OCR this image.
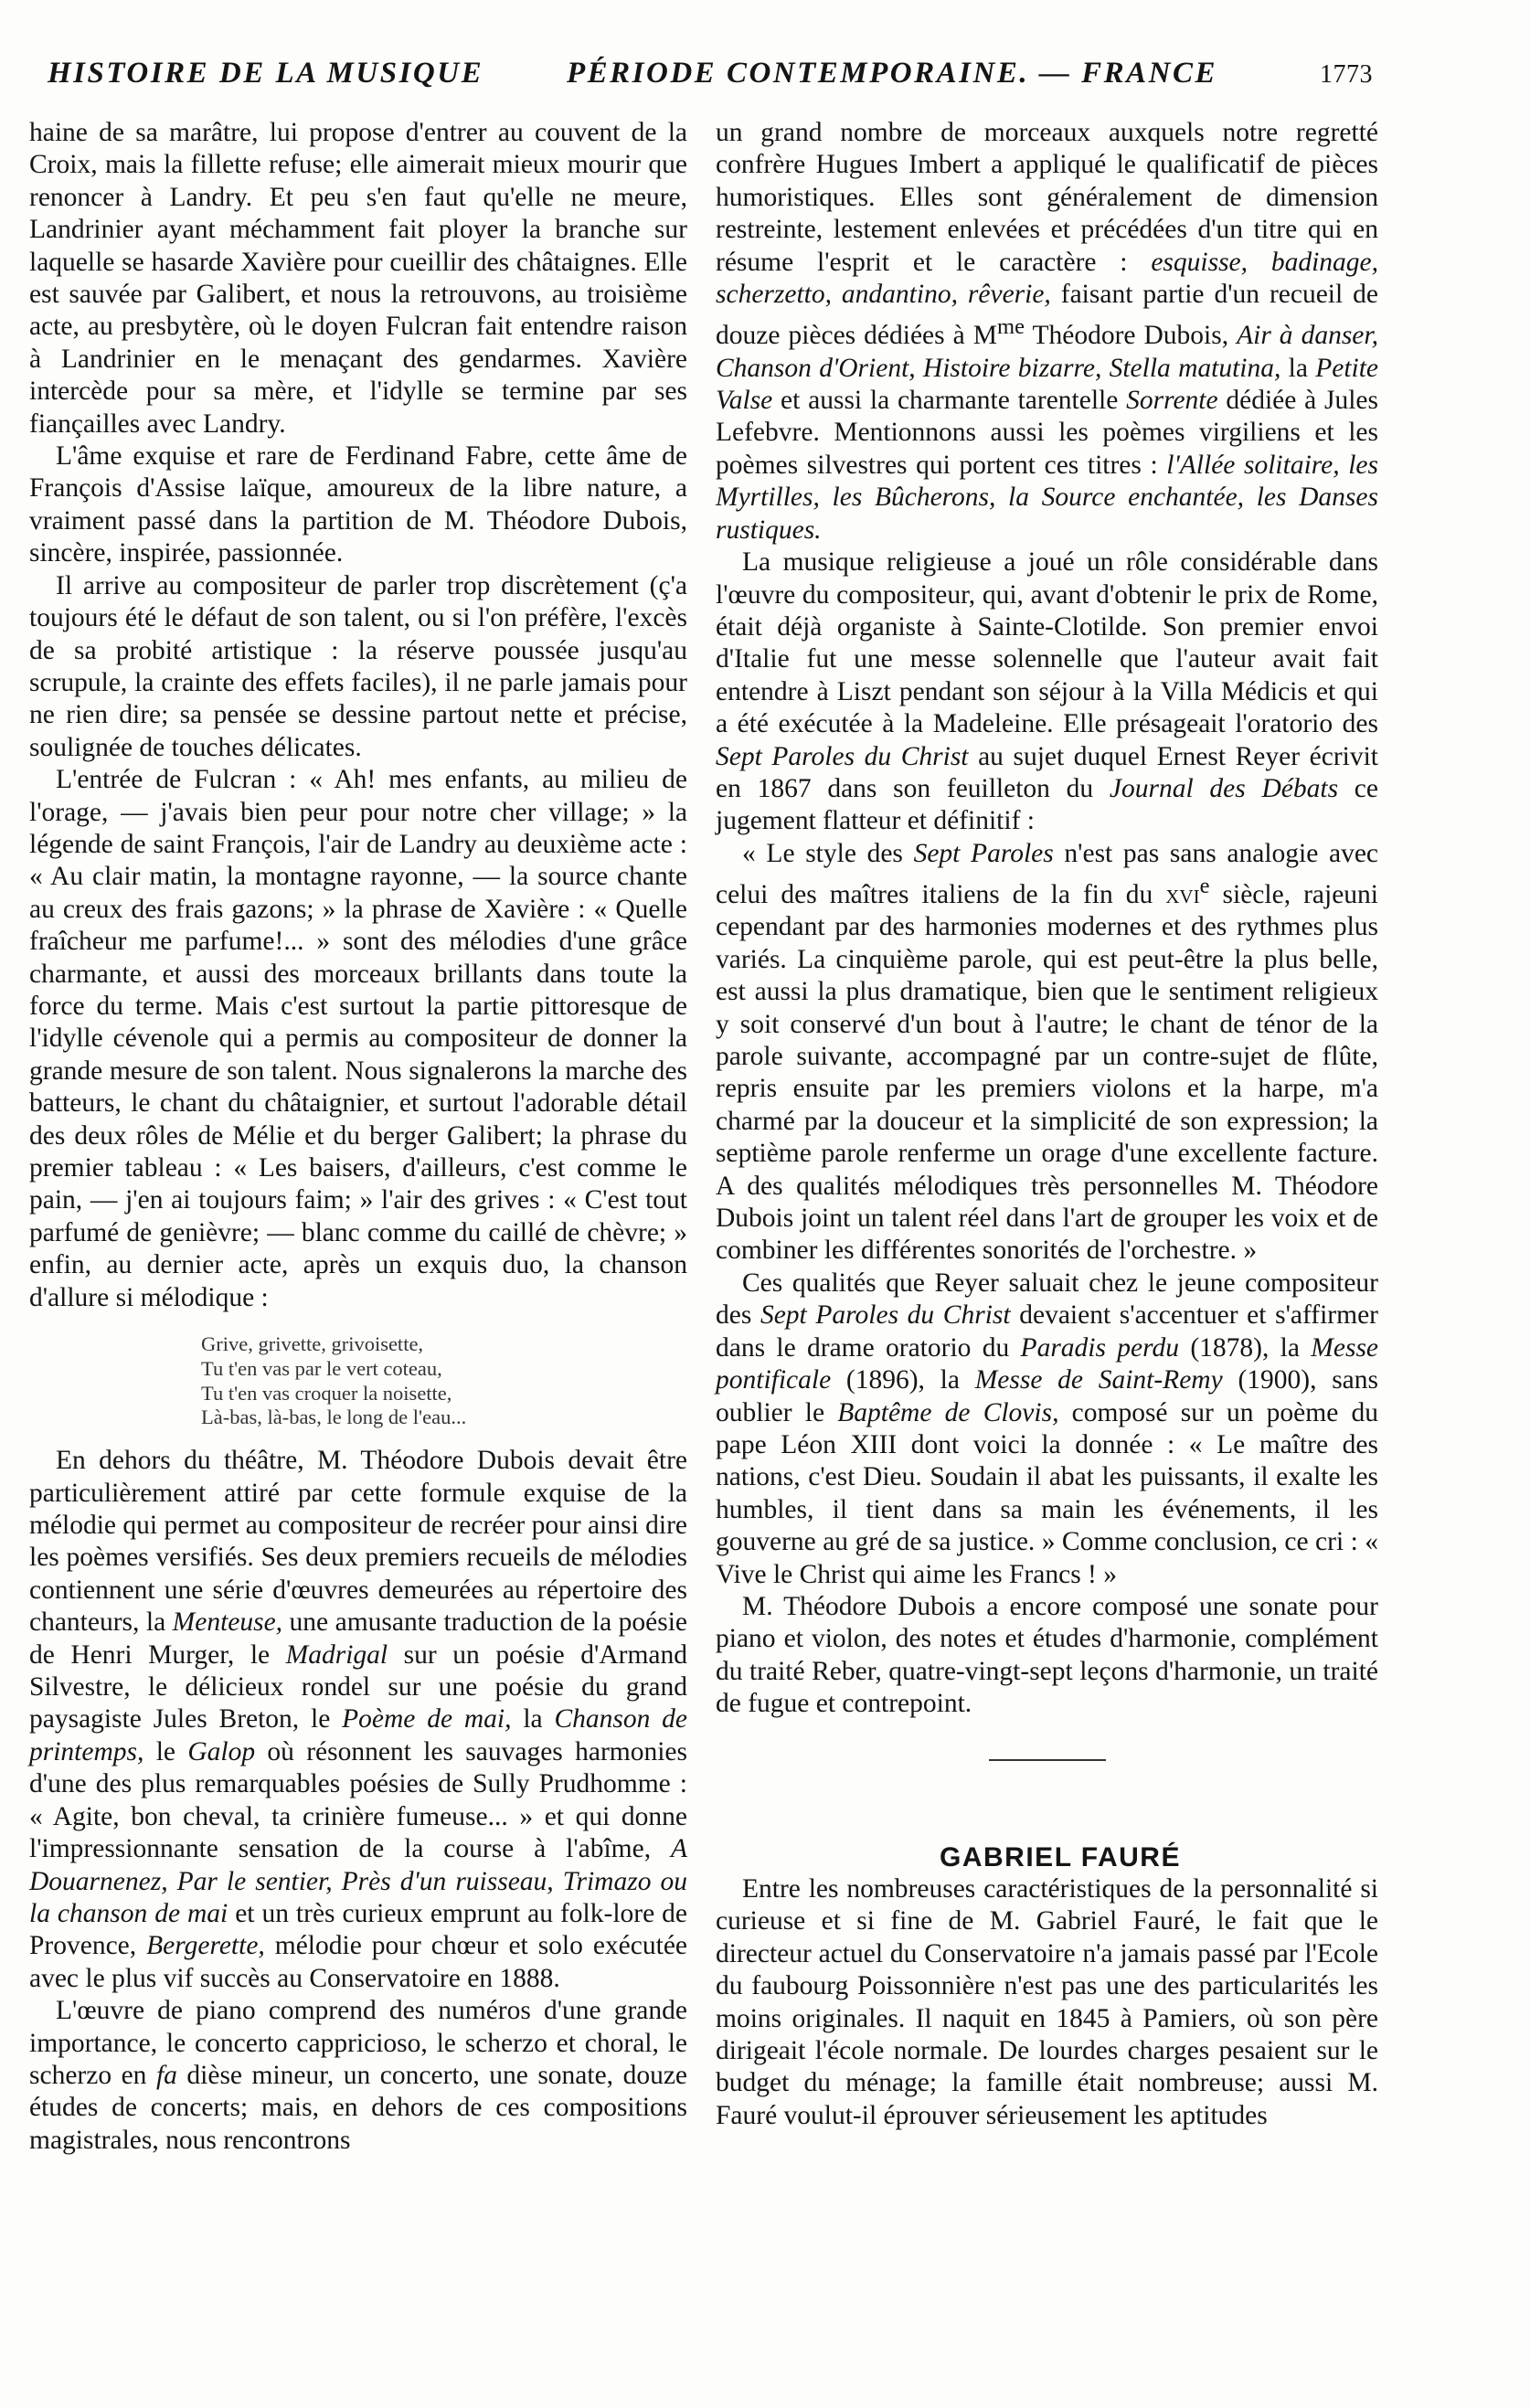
HISTOIRE DE LA MUSIQUE	PÉRIODE CONTEMPORAINE. — FRANCE	1773

haine de sa marâtre, lui propose d'entrer au couvent de la Croix, mais la fillette refuse; elle aimerait mieux mourir que renoncer à Landry. Et peu s'en faut qu'elle ne meure, Landrinier ayant méchamment fait ployer la branche sur laquelle se hasarde Xavière pour cueillir des châtaignes. Elle est sauvée par Galibert, et nous la retrouvons, au troisième acte, au presbytère, où le doyen Fulcran fait entendre raison à Landrinier en le menaçant des gendarmes. Xavière intercède pour sa mère, et l'idylle se termine par ses fiançailles avec Landry.

L'âme exquise et rare de Ferdinand Fabre, cette âme de François d'Assise laïque, amoureux de la libre nature, a vraiment passé dans la partition de M. Théodore Dubois, sincère, inspirée, passionnée.

Il arrive au compositeur de parler trop discrètement (ç'a toujours été le défaut de son talent, ou si l'on préfère, l'excès de sa probité artistique : la réserve poussée jusqu'au scrupule, la crainte des effets faciles), il ne parle jamais pour ne rien dire; sa pensée se dessine partout nette et précise, soulignée de touches délicates.

L'entrée de Fulcran : « Ah! mes enfants, au milieu de l'orage, — j'avais bien peur pour notre cher village; » la légende de saint François, l'air de Landry au deuxième acte : « Au clair matin, la montagne rayonne, — la source chante au creux des frais gazons; » la phrase de Xavière : « Quelle fraîcheur me parfume!... » sont des mélodies d'une grâce charmante, et aussi des morceaux brillants dans toute la force du terme. Mais c'est surtout la partie pittoresque de l'idylle cévenole qui a permis au compositeur de donner la grande mesure de son talent. Nous signalerons la marche des batteurs, le chant du châtaignier, et surtout l'adorable détail des deux rôles de Mélie et du berger Galibert; la phrase du premier tableau : « Les baisers, d'ailleurs, c'est comme le pain, — j'en ai toujours faim; » l'air des grives : « C'est tout parfumé de genièvre; — blanc comme du caillé de chèvre; » enfin, au dernier acte, après un exquis duo, la chanson d'allure si mélodique :

Grive, grivette, grivoisette,
Tu t'en vas par le vert coteau,
Tu t'en vas croquer la noisette,
Là-bas, là-bas, le long de l'eau...

En dehors du théâtre, M. Théodore Dubois devait être particulièrement attiré par cette formule exquise de la mélodie qui permet au compositeur de recréer pour ainsi dire les poèmes versifiés. Ses deux premiers recueils de mélodies contiennent une série d'œuvres demeurées au répertoire des chanteurs, la Menteuse, une amusante traduction de la poésie de Henri Murger, le Madrigal sur un poésie d'Armand Silvestre, le délicieux rondel sur une poésie du grand paysagiste Jules Breton, le Poème de mai, la Chanson de printemps, le Galop où résonnent les sauvages harmonies d'une des plus remarquables poésies de Sully Prudhomme : « Agite, bon cheval, ta crinière fumeuse... » et qui donne l'impressionnante sensation de la course à l'abîme, A Douarnenez, Par le sentier, Près d'un ruisseau, Trimazo ou la chanson de mai et un très curieux emprunt au folk-lore de Provence, Bergerette, mélodie pour chœur et solo exécutée avec le plus vif succès au Conservatoire en 1888.

L'œuvre de piano comprend des numéros d'une grande importance, le concerto cappricioso, le scherzo et choral, le scherzo en fa dièse mineur, un concerto, une sonate, douze études de concerts; mais, en dehors de ces compositions magistrales, nous rencontrons

un grand nombre de morceaux auxquels notre regretté confrère Hugues Imbert a appliqué le qualificatif de pièces humoristiques. Elles sont généralement de dimension restreinte, lestement enlevées et précédées d'un titre qui en résume l'esprit et le caractère : esquisse, badinage, scherzetto, andantino, rêverie, faisant partie d'un recueil de douze pièces dédiées à $M^{me}$ Théodore Dubois, Air à danser, Chanson d'Orient, Histoire bizarre, Stella matutina, la Petite Valse et aussi la charmante tarentelle Sorrente dédiée à Jules Lefebvre. Mentionnons aussi les poèmes virgiliens et les poèmes silvestres qui portent ces titres : l'Allée solitaire, les Myrtilles, les Bûcherons, la Source enchantée, les Danses rustiques.

La musique religieuse a joué un rôle considérable dans l'œuvre du compositeur, qui, avant d'obtenir le prix de Rome, était déjà organiste à Sainte-Clotilde. Son premier envoi d'Italie fut une messe solennelle que l'auteur avait fait entendre à Liszt pendant son séjour à la Villa Médicis et qui a été exécutée à la Madeleine. Elle présageait l'oratorio des Sept Paroles du Christ au sujet duquel Ernest Reyer écrivit en 1867 dans son feuilleton du Journal des Débats ce jugement flatteur et définitif :

« Le style des Sept Paroles n'est pas sans analogie avec celui des maîtres italiens de la fin du xvi$^e$ siècle, rajeuni cependant par des harmonies modernes et des rythmes plus variés. La cinquième parole, qui est peut-être la plus belle, est aussi la plus dramatique, bien que le sentiment religieux y soit conservé d'un bout à l'autre; le chant de ténor de la parole suivante, accompagné par un contre-sujet de flûte, repris ensuite par les premiers violons et la harpe, m'a charmé par la douceur et la simplicité de son expression; la septième parole renferme un orage d'une excellente facture. A des qualités mélodiques très personnelles M. Théodore Dubois joint un talent réel dans l'art de grouper les voix et de combiner les différentes sonorités de l'orchestre. »

Ces qualités que Reyer saluait chez le jeune compositeur des Sept Paroles du Christ devaient s'accentuer et s'affirmer dans le drame oratorio du Paradis perdu (1878), la Messe pontificale (1896), la Messe de Saint-Remy (1900), sans oublier le Baptême de Clovis, composé sur un poème du pape Léon XIII dont voici la donnée : « Le maître des nations, c'est Dieu. Soudain il abat les puissants, il exalte les humbles, il tient dans sa main les événements, il les gouverne au gré de sa justice. » Comme conclusion, ce cri : « Vive le Christ qui aime les Francs ! »

M. Théodore Dubois a encore composé une sonate pour piano et violon, des notes et études d'harmonie, complément du traité Reber, quatre-vingt-sept leçons d'harmonie, un traité de fugue et contrepoint.

GABRIEL FAURÉ

Entre les nombreuses caractéristiques de la personnalité si curieuse et si fine de M. Gabriel Fauré, le fait que le directeur actuel du Conservatoire n'a jamais passé par l'Ecole du faubourg Poissonnière n'est pas une des particularités les moins originales. Il naquit en 1845 à Pamiers, où son père dirigeait l'école normale. De lourdes charges pesaient sur le budget du ménage; la famille était nombreuse; aussi M. Fauré voulut-il éprouver sérieusement les aptitudes
